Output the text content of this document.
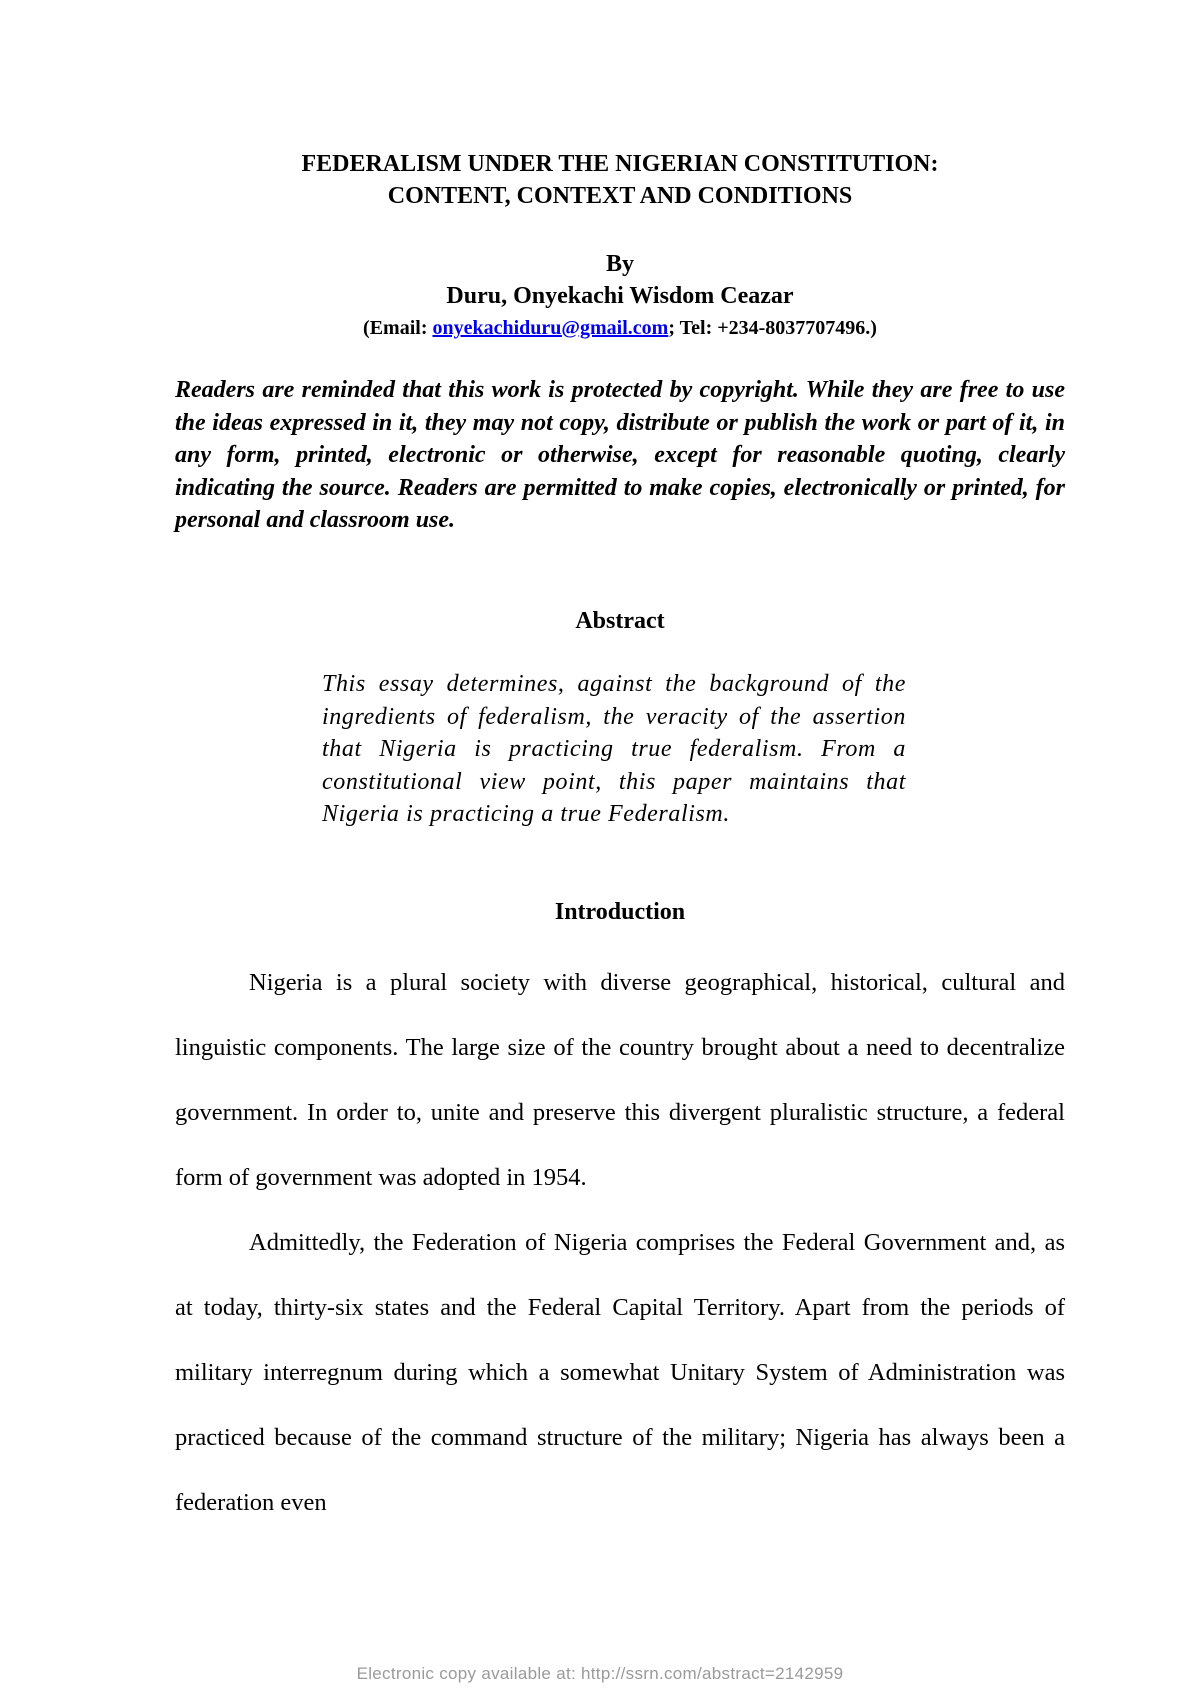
FEDERALISM UNDER THE NIGERIAN CONSTITUTION:
CONTENT, CONTEXT AND CONDITIONS
By
Duru, Onyekachi Wisdom Ceazar
(Email: onyekachiduru@gmail.com; Tel: +234-8037707496.)
Readers are reminded that this work is protected by copyright. While they are free to use the ideas expressed in it, they may not copy, distribute or publish the work or part of it, in any form, printed, electronic or otherwise, except for reasonable quoting, clearly indicating the source. Readers are permitted to make copies, electronically or printed, for personal and classroom use.
Abstract
This essay determines, against the background of the ingredients of federalism, the veracity of the assertion that Nigeria is practicing true federalism. From a constitutional view point, this paper maintains that Nigeria is practicing a true Federalism.
Introduction
Nigeria is a plural society with diverse geographical, historical, cultural and linguistic components. The large size of the country brought about a need to decentralize government. In order to, unite and preserve this divergent pluralistic structure, a federal form of government was adopted in 1954.
Admittedly, the Federation of Nigeria comprises the Federal Government and, as at today, thirty-six states and the Federal Capital Territory. Apart from the periods of military interregnum during which a somewhat Unitary System of Administration was practiced because of the command structure of the military; Nigeria has always been a federation even
Electronic copy available at: http://ssrn.com/abstract=2142959
